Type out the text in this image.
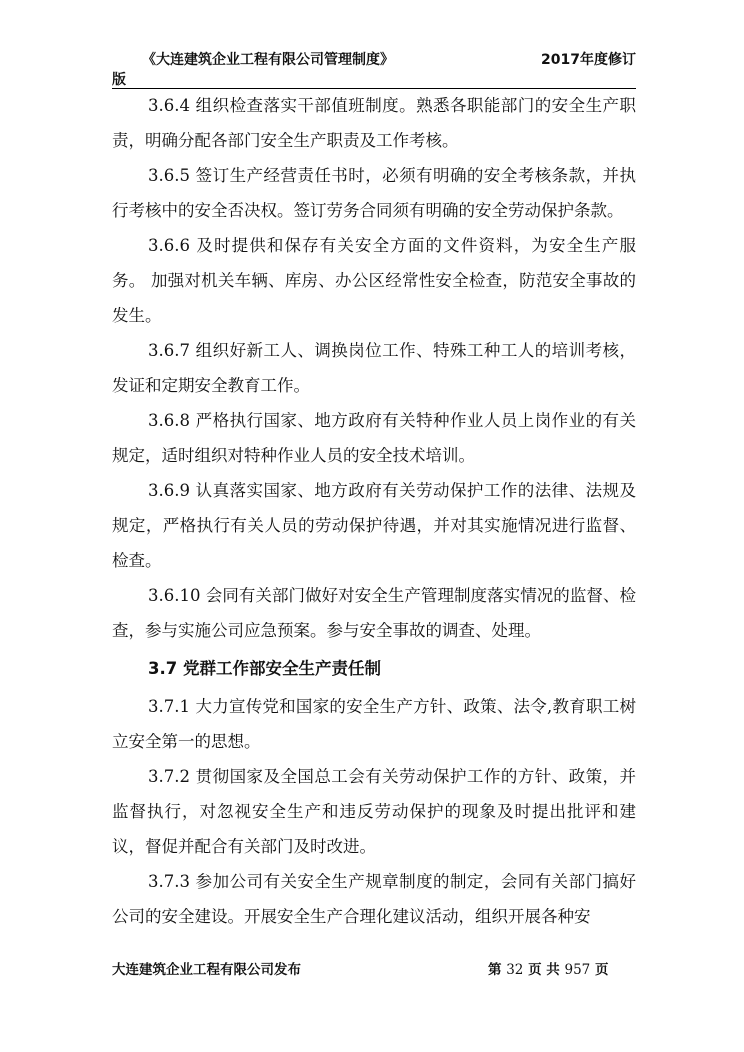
《大连建筑企业工程有限公司管理制度》	2017年度修订
版

3.6.4 组织检查落实干部值班制度。熟悉各职能部门的安全生产职责，明确分配各部门安全生产职责及工作考核。

3.6.5 签订生产经营责任书时，必须有明确的安全考核条款，并执行考核中的安全否决权。签订劳务合同须有明确的安全劳动保护条款。

3.6.6 及时提供和保存有关安全方面的文件资料，为安全生产服务。 加强对机关车辆、库房、办公区经常性安全检查，防范安全事故的发生。

3.6.7 组织好新工人、调换岗位工作、特殊工种工人的培训考核，发证和定期安全教育工作。

3.6.8 严格执行国家、地方政府有关特种作业人员上岗作业的有关规定，适时组织对特种作业人员的安全技术培训。

3.6.9 认真落实国家、地方政府有关劳动保护工作的法律、法规及规定，严格执行有关人员的劳动保护待遇，并对其实施情况进行监督、检查。

3.6.10 会同有关部门做好对安全生产管理制度落实情况的监督、检查，参与实施公司应急预案。参与安全事故的调查、处理。

3.7 党群工作部安全生产责任制

3.7.1 大力宣传党和国家的安全生产方针、政策、法令,教育职工树立安全第一的思想。

3.7.2 贯彻国家及全国总工会有关劳动保护工作的方针、政策，并监督执行，对忽视安全生产和违反劳动保护的现象及时提出批评和建议，督促并配合有关部门及时改进。

3.7.3 参加公司有关安全生产规章制度的制定，会同有关部门搞好公司的安全建设。开展安全生产合理化建议活动，组织开展各种安

大连建筑企业工程有限公司发布	第 32 页 共 957 页
